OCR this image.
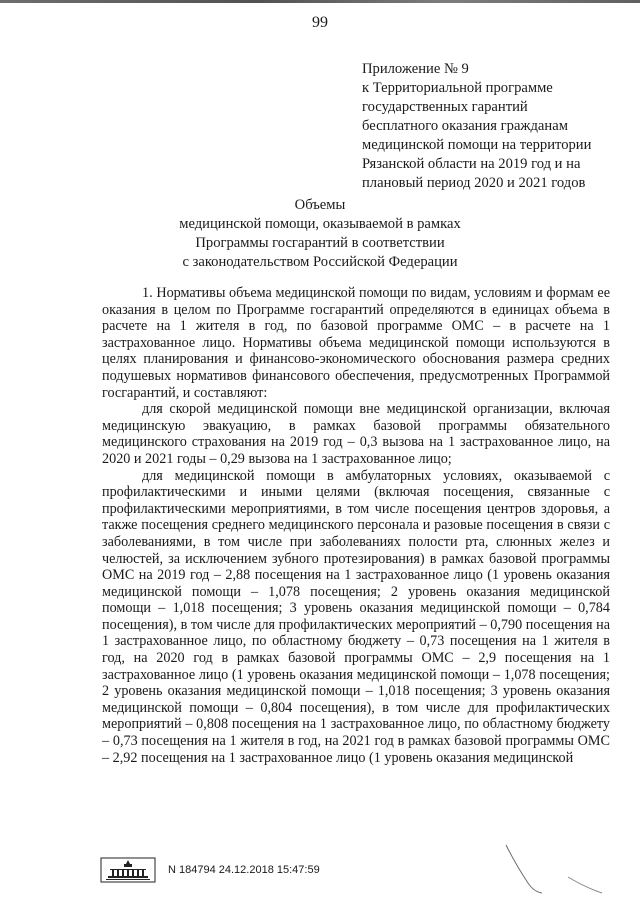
99
Приложение № 9
к Территориальной программе
государственных гарантий
бесплатного оказания гражданам
медицинской помощи на территории
Рязанской области на 2019 год и на
плановый период 2020 и 2021 годов
Объемы
медицинской помощи, оказываемой в рамках
Программы госгарантий в соответствии
с законодательством Российской Федерации

1. Нормативы объема медицинской помощи по видам, условиям и формам ее оказания в целом по Программе госгарантий определяются в единицах объема в расчете на 1 жителя в год, по базовой программе ОМС – в расчете на 1 застрахованное лицо. Нормативы объема медицинской помощи используются в целях планирования и финансово-экономического обоснования размера средних подушевых нормативов финансового обеспечения, предусмотренных Программой госгарантий, и составляют:

для скорой медицинской помощи вне медицинской организации, включая медицинскую эвакуацию, в рамках базовой программы обязательного медицинского страхования на 2019 год – 0,3 вызова на 1 застрахованное лицо, на 2020 и 2021 годы – 0,29 вызова на 1 застрахованное лицо;

для медицинской помощи в амбулаторных условиях, оказываемой с профилактическими и иными целями (включая посещения, связанные с профилактическими мероприятиями, в том числе посещения центров здоровья, а также посещения среднего медицинского персонала и разовые посещения в связи с заболеваниями, в том числе при заболеваниях полости рта, слюнных желез и челюстей, за исключением зубного протезирования) в рамках базовой программы ОМС на 2019 год – 2,88 посещения на 1 застрахованное лицо (1 уровень оказания медицинской помощи – 1,078 посещения; 2 уровень оказания медицинской помощи – 1,018 посещения; 3 уровень оказания медицинской помощи – 0,784 посещения), в том числе для профилактических мероприятий – 0,790 посещения на 1 застрахованное лицо, по областному бюджету – 0,73 посещения на 1 жителя в год, на 2020 год в рамках базовой программы ОМС – 2,9 посещения на 1 застрахованное лицо (1 уровень оказания медицинской помощи – 1,078 посещения; 2 уровень оказания медицинской помощи – 1,018 посещения; 3 уровень оказания медицинской помощи – 0,804 посещения), в том числе для профилактических мероприятий – 0,808 посещения на 1 застрахованное лицо, по областному бюджету – 0,73 посещения на 1 жителя в год, на 2021 год в рамках базовой программы ОМС – 2,92 посещения на 1 застрахованное лицо (1 уровень оказания медицинской

N 184794 24.12.2018 15:47:59
